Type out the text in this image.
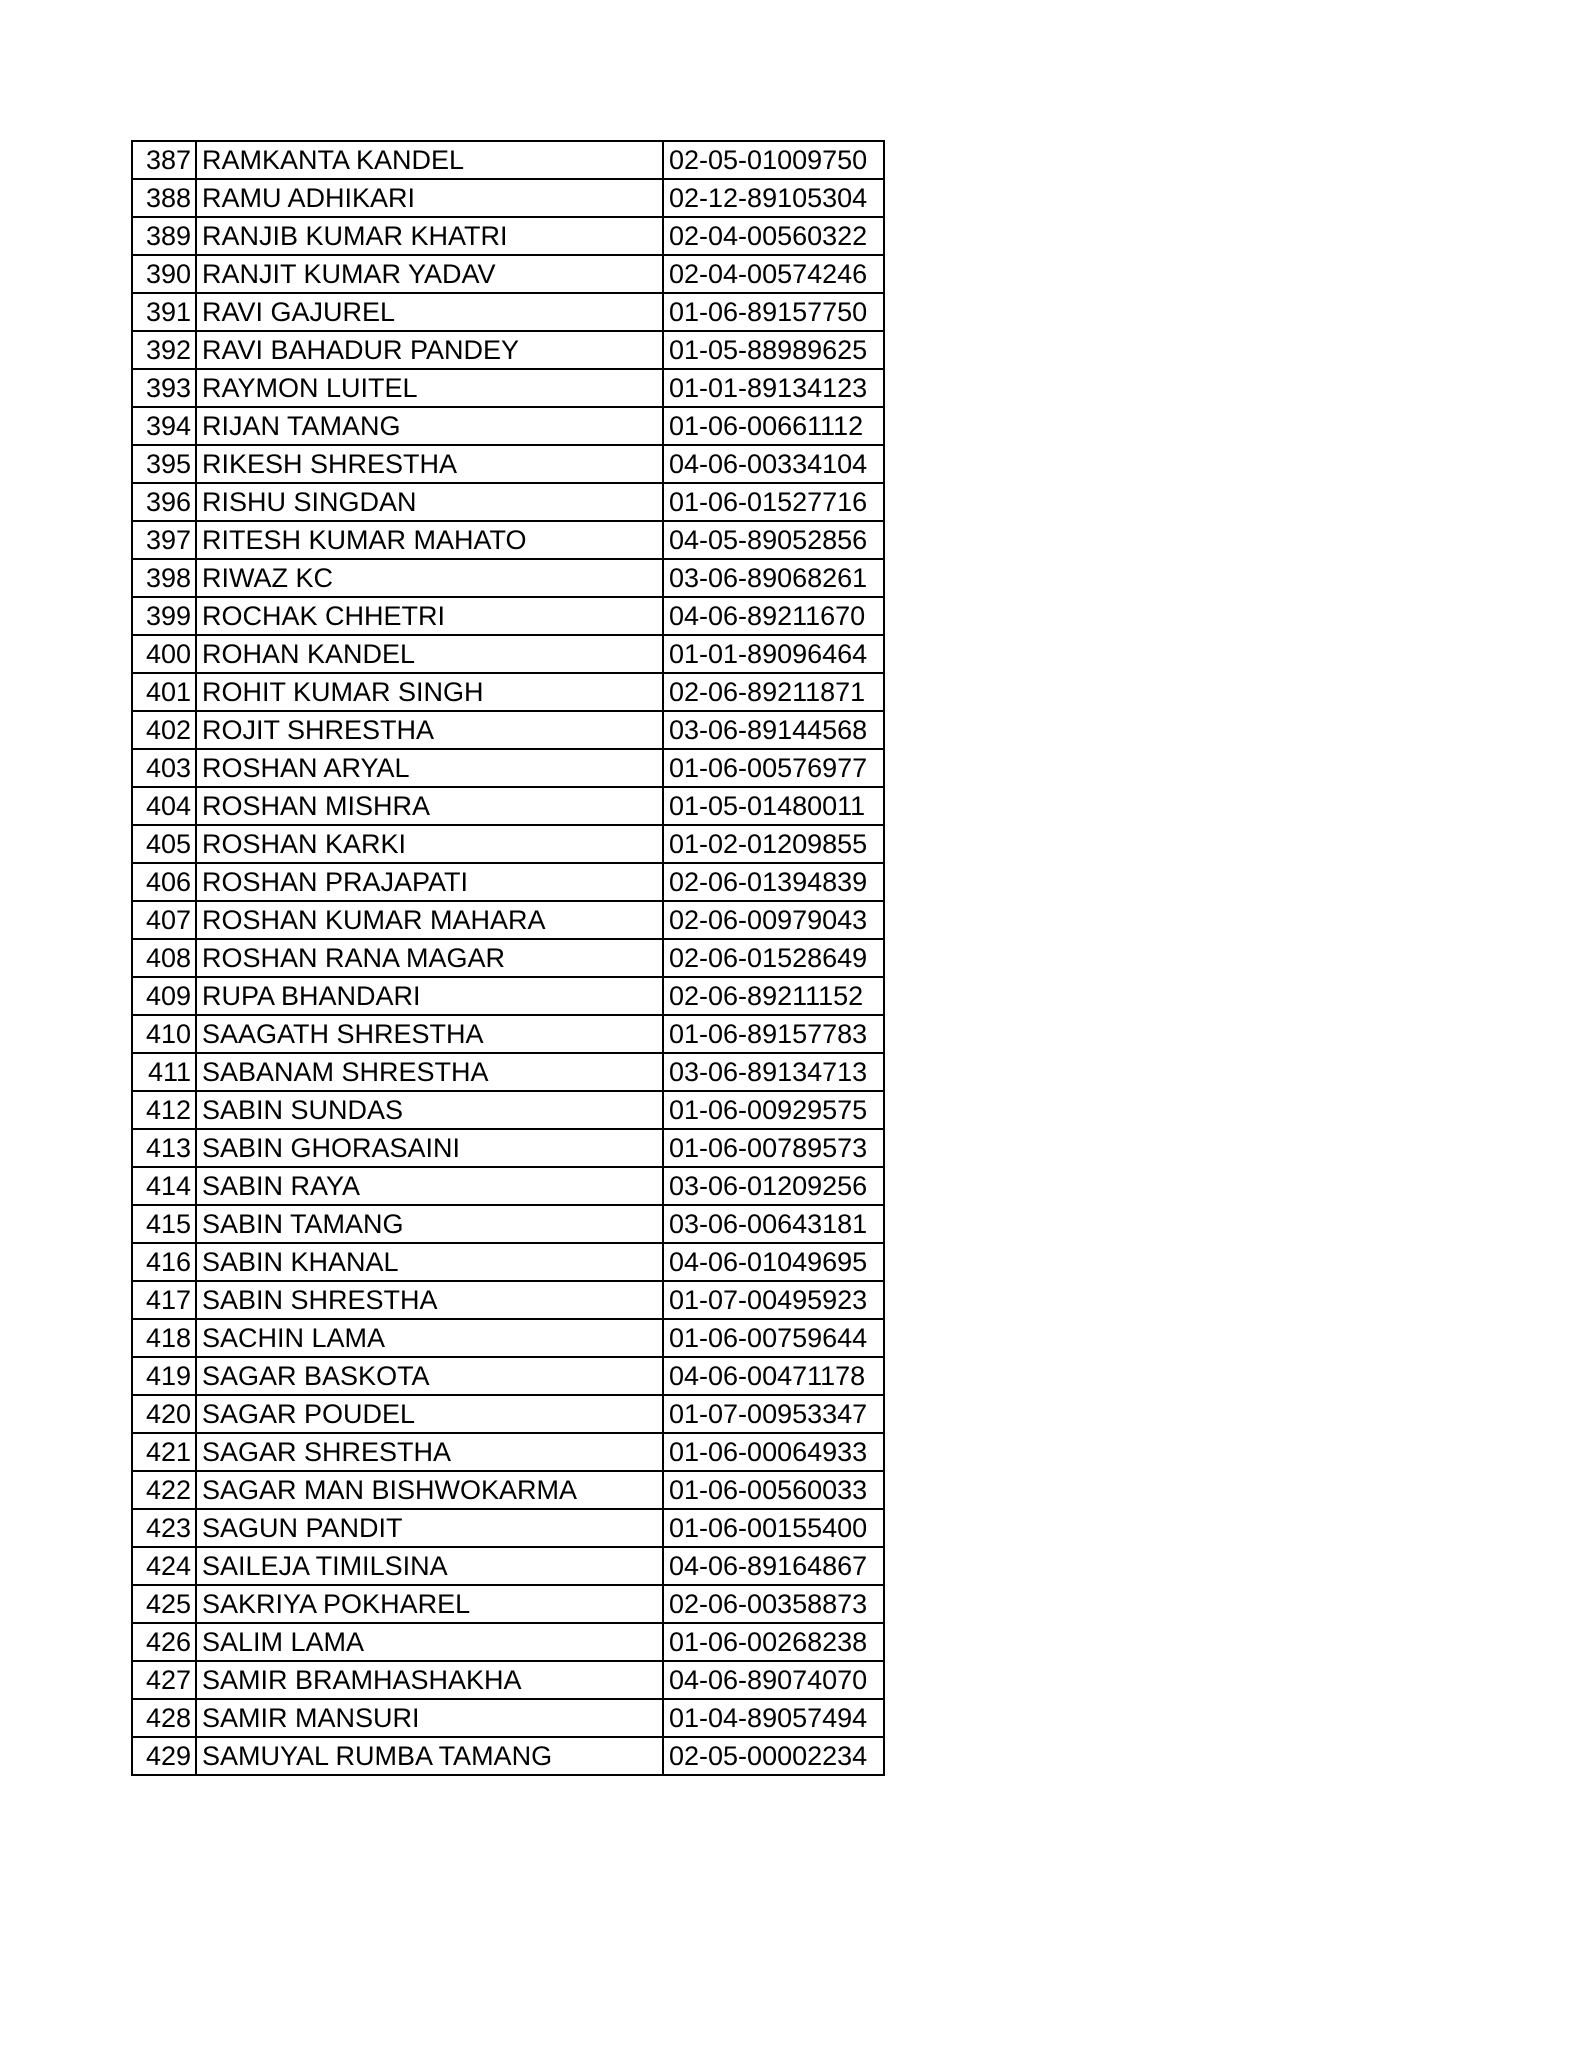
387	RAMKANTA KANDEL	02-05-01009750
388	RAMU ADHIKARI	02-12-89105304
389	RANJIB KUMAR KHATRI	02-04-00560322
390	RANJIT KUMAR YADAV	02-04-00574246
391	RAVI GAJUREL	01-06-89157750
392	RAVI BAHADUR PANDEY	01-05-88989625
393	RAYMON LUITEL	01-01-89134123
394	RIJAN TAMANG	01-06-00661112
395	RIKESH SHRESTHA	04-06-00334104
396	RISHU SINGDAN	01-06-01527716
397	RITESH KUMAR MAHATO	04-05-89052856
398	RIWAZ KC	03-06-89068261
399	ROCHAK CHHETRI	04-06-89211670
400	ROHAN KANDEL	01-01-89096464
401	ROHIT KUMAR SINGH	02-06-89211871
402	ROJIT SHRESTHA	03-06-89144568
403	ROSHAN ARYAL	01-06-00576977
404	ROSHAN MISHRA	01-05-01480011
405	ROSHAN KARKI	01-02-01209855
406	ROSHAN PRAJAPATI	02-06-01394839
407	ROSHAN KUMAR MAHARA	02-06-00979043
408	ROSHAN RANA MAGAR	02-06-01528649
409	RUPA BHANDARI	02-06-89211152
410	SAAGATH SHRESTHA	01-06-89157783
411	SABANAM SHRESTHA	03-06-89134713
412	SABIN SUNDAS	01-06-00929575
413	SABIN GHORASAINI	01-06-00789573
414	SABIN RAYA	03-06-01209256
415	SABIN TAMANG	03-06-00643181
416	SABIN KHANAL	04-06-01049695
417	SABIN SHRESTHA	01-07-00495923
418	SACHIN LAMA	01-06-00759644
419	SAGAR BASKOTA	04-06-00471178
420	SAGAR POUDEL	01-07-00953347
421	SAGAR SHRESTHA	01-06-00064933
422	SAGAR MAN BISHWOKARMA	01-06-00560033
423	SAGUN PANDIT	01-06-00155400
424	SAILEJA TIMILSINA	04-06-89164867
425	SAKRIYA POKHAREL	02-06-00358873
426	SALIM LAMA	01-06-00268238
427	SAMIR BRAMHASHAKHA	04-06-89074070
428	SAMIR MANSURI	01-04-89057494
429	SAMUYAL RUMBA TAMANG	02-05-00002234
